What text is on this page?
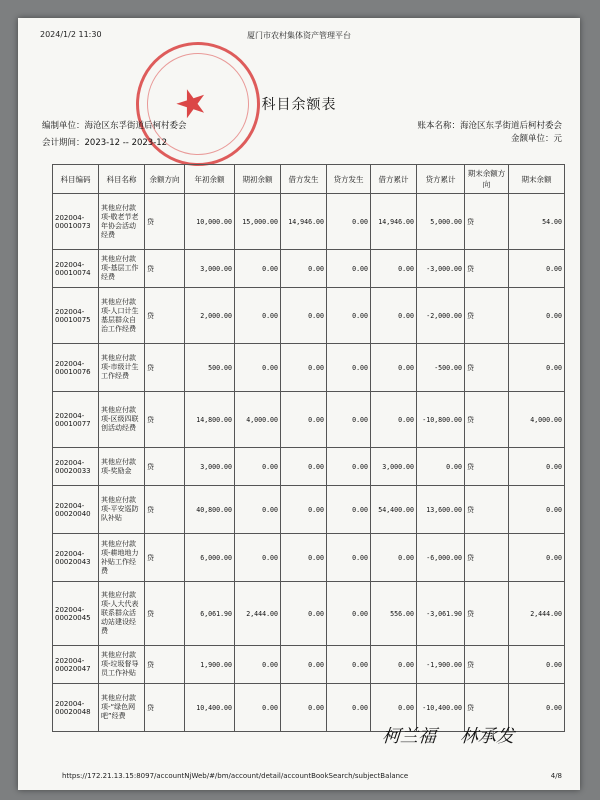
2024/1/2 11:30	厦门市农村集体资产管理平台
★	科目余额表
编制单位：海沧区东孚街道后柯村委会
会计期间：2023-12 -- 2023-12
账本名称：海沧区东孚街道后柯村委会
金额单位：元
科目编码	科目名称	余额方向	年初余额	期初余额	借方发生	贷方发生	借方累计	贷方累计	期末余额方向	期末余额
202004-00010073	其他应付款项-敬老节老年协会活动经费	贷	10,000.00	15,000.00	14,946.00	0.00	14,946.00	5,000.00	贷	54.00
202004-00010074	其他应付款项-基层工作经费	贷	3,000.00	0.00	0.00	0.00	0.00	-3,000.00	贷	0.00
202004-00010075	其他应付款项-人口计生基层群众自治工作经费	贷	2,000.00	0.00	0.00	0.00	0.00	-2,000.00	贷	0.00
202004-00010076	其他应付款项-市级计生工作经费	贷	500.00	0.00	0.00	0.00	0.00	-500.00	贷	0.00
202004-00010077	其他应付款项-区级四联创活动经费	贷	14,800.00	4,000.00	0.00	0.00	0.00	-10,800.00	贷	4,000.00
202004-00020033	其他应付款项-奖励金	贷	3,000.00	0.00	0.00	0.00	3,000.00	0.00	贷	0.00
202004-00020040	其他应付款项-平安巡防队补贴	贷	40,800.00	0.00	0.00	0.00	54,400.00	13,600.00	贷	0.00
202004-00020043	其他应付款项-耕地地力补贴工作经费	贷	6,000.00	0.00	0.00	0.00	0.00	-6,000.00	贷	0.00
202004-00020045	其他应付款项-人大代表联系群众活动站建设经费	贷	6,061.90	2,444.00	0.00	0.00	556.00	-3,061.90	贷	2,444.00
202004-00020047	其他应付款项-垃圾督导员工作补贴	贷	1,900.00	0.00	0.00	0.00	0.00	-1,900.00	贷	0.00
202004-00020048	其他应付款项-“绿色网吧”经费	贷	10,400.00	0.00	0.00	0.00	0.00	-10,400.00	贷	0.00
柯兰福 林承发
https://172.21.13.15:8097/accountNjWeb/#/bm/account/detail/accountBookSearch/subjectBalance	4/8
